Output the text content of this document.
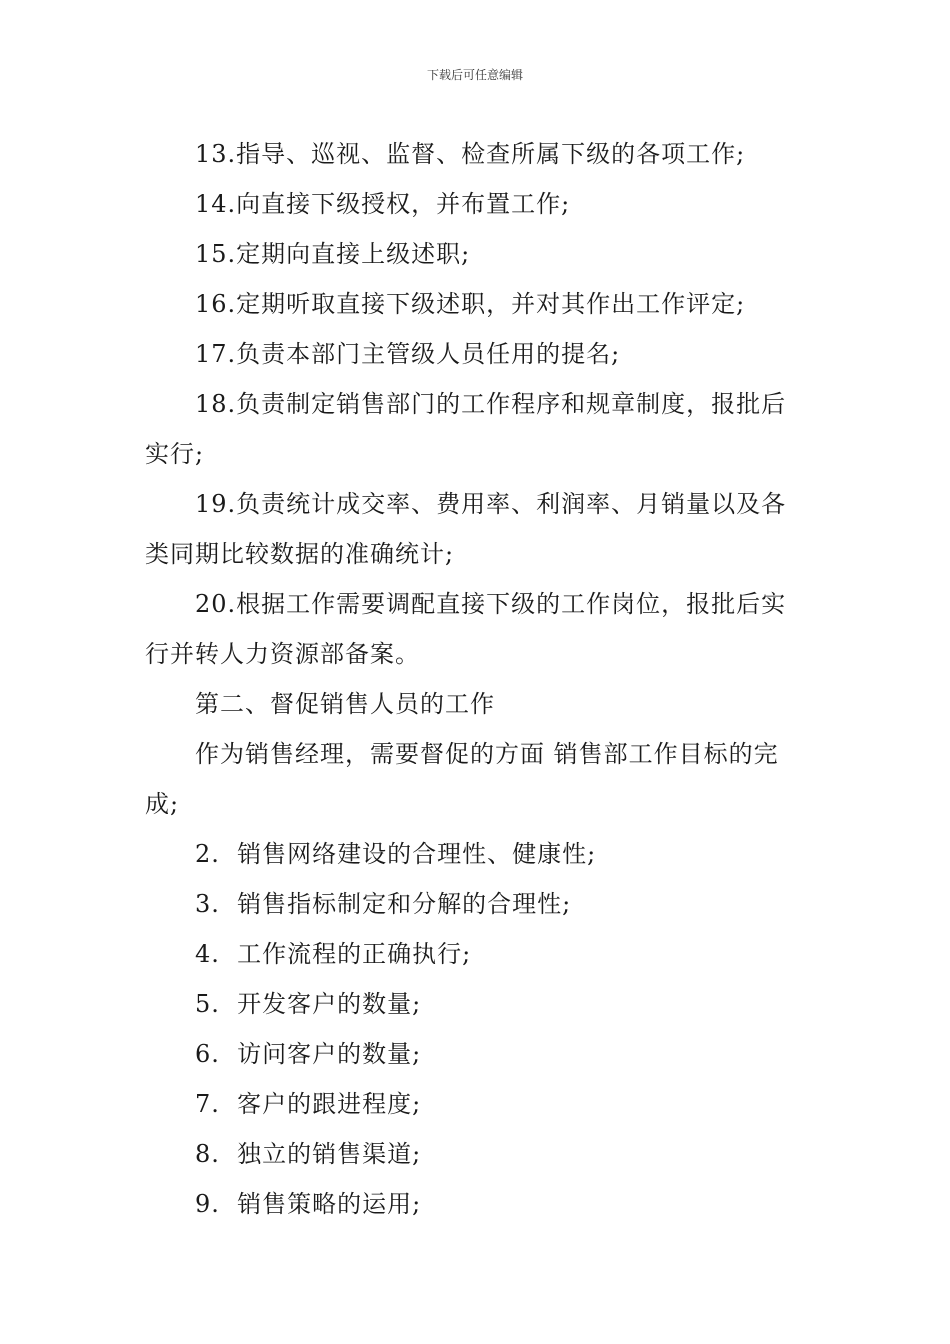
下载后可任意编辑

13.指导、巡视、监督、检查所属下级的各项工作;

14.向直接下级授权，并布置工作;

15.定期向直接上级述职;

16.定期听取直接下级述职，并对其作出工作评定;

17.负责本部门主管级人员任用的提名;

18.负责制定销售部门的工作程序和规章制度，报批后实行;

19.负责统计成交率、费用率、利润率、月销量以及各类同期比较数据的准确统计;

20.根据工作需要调配直接下级的工作岗位，报批后实行并转人力资源部备案。

第二、督促销售人员的工作

作为销售经理，需要督促的方面 销售部工作目标的完成;

2.  销售网络建设的合理性、健康性;

3.  销售指标制定和分解的合理性;

4.  工作流程的正确执行;

5.  开发客户的数量;

6.  访问客户的数量;

7.  客户的跟进程度;

8.  独立的销售渠道;

9.  销售策略的运用;
